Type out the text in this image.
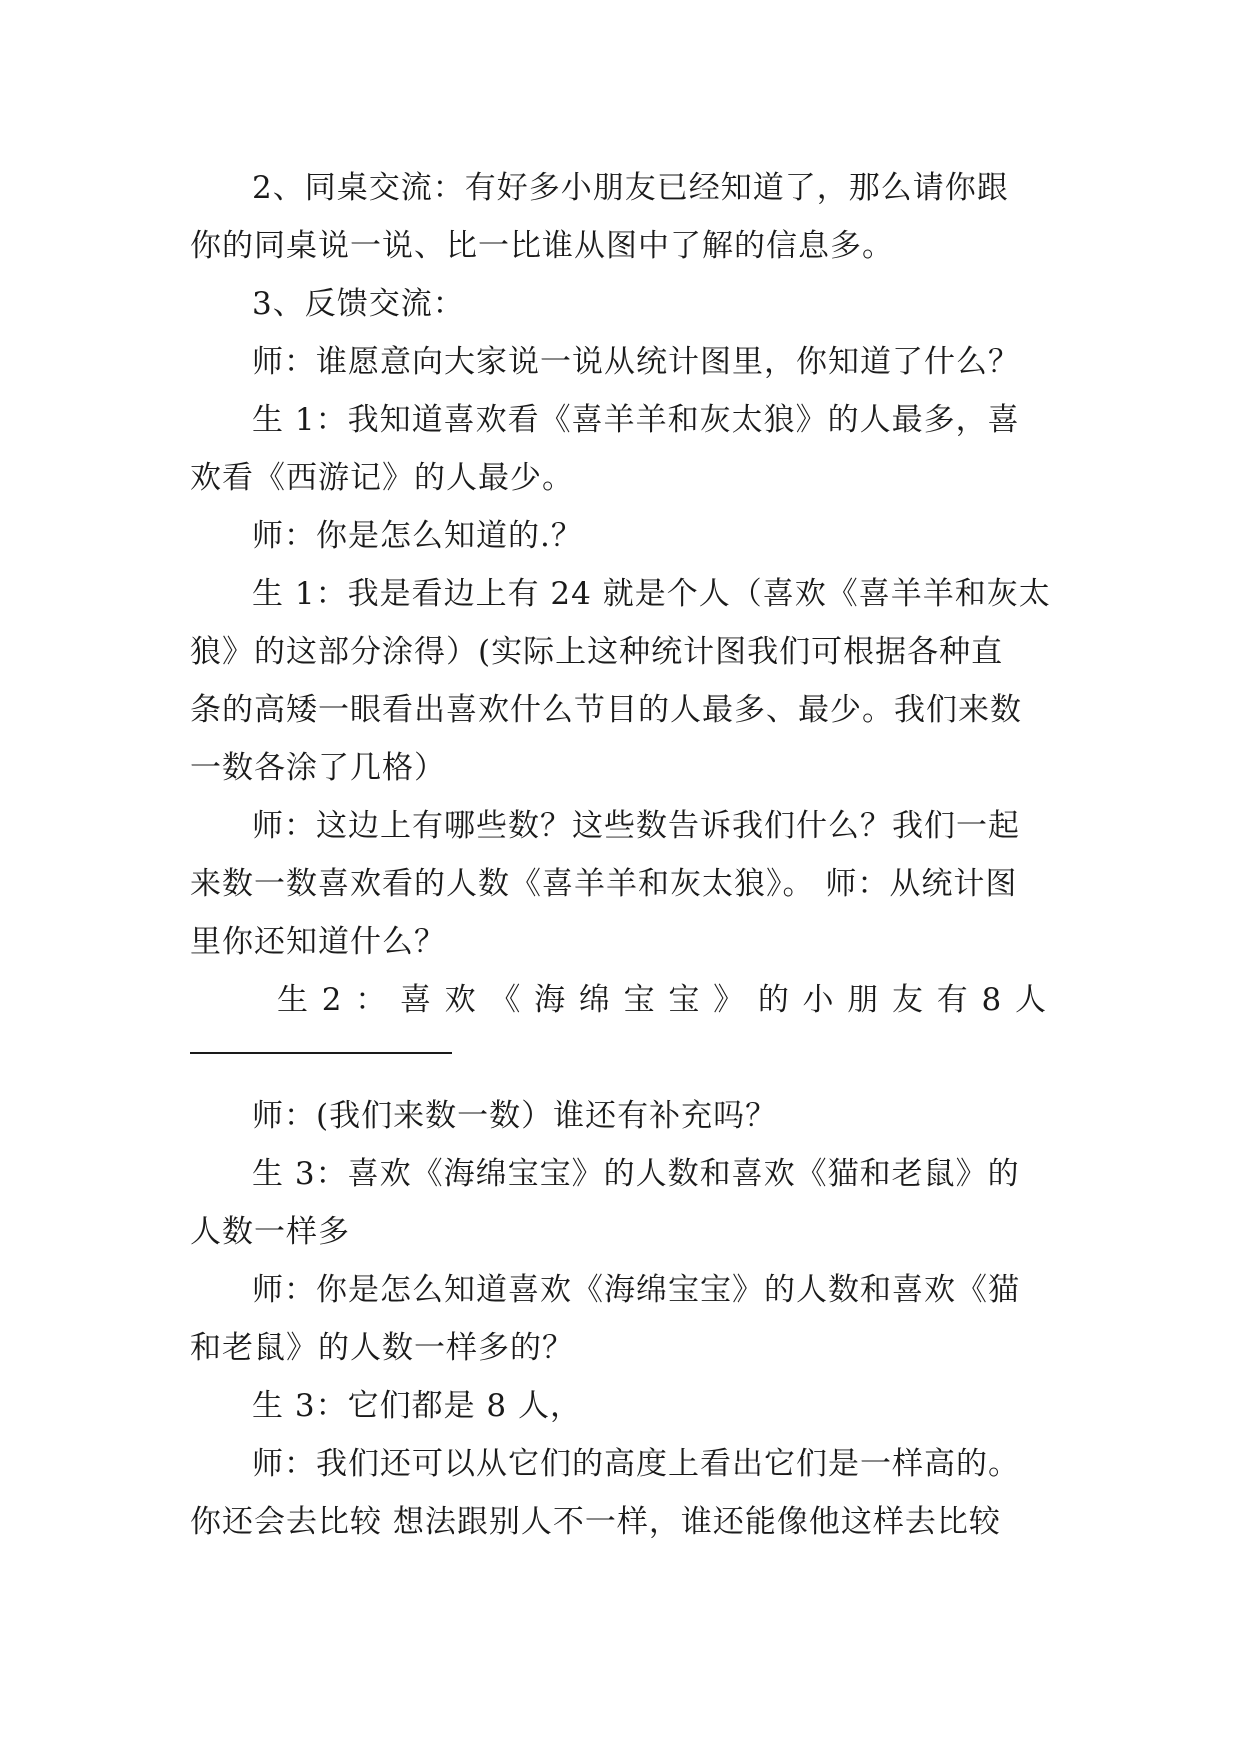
2、同桌交流：有好多小朋友已经知道了，那么请你跟
你的同桌说一说、比一比谁从图中了解的信息多。
3、反馈交流：
师：谁愿意向大家说一说从统计图里，你知道了什么？
生 1：我知道喜欢看《喜羊羊和灰太狼》的人最多，喜
欢看《西游记》的人最少。
师：你是怎么知道的.？
生 1：我是看边上有 24 就是个人（喜欢《喜羊羊和灰太
狼》的这部分涂得）(实际上这种统计图我们可根据各种直
条的高矮一眼看出喜欢什么节目的人最多、最少。我们来数
一数各涂了几格）
师：这边上有哪些数？这些数告诉我们什么？我们一起
来数一数喜欢看的人数《喜羊羊和灰太狼》。 师：从统计图
里你还知道什么？
生 2 ： 喜 欢 《 海 绵 宝 宝 》 的 小 朋 友 有 8 人
师：(我们来数一数）谁还有补充吗？
生 3：喜欢《海绵宝宝》的人数和喜欢《猫和老鼠》的
人数一样多
师：你是怎么知道喜欢《海绵宝宝》的人数和喜欢《猫
和老鼠》的人数一样多的？
生 3：它们都是 8 人，
师：我们还可以从它们的高度上看出它们是一样高的。
你还会去比较 想法跟别人不一样，谁还能像他这样去比较
